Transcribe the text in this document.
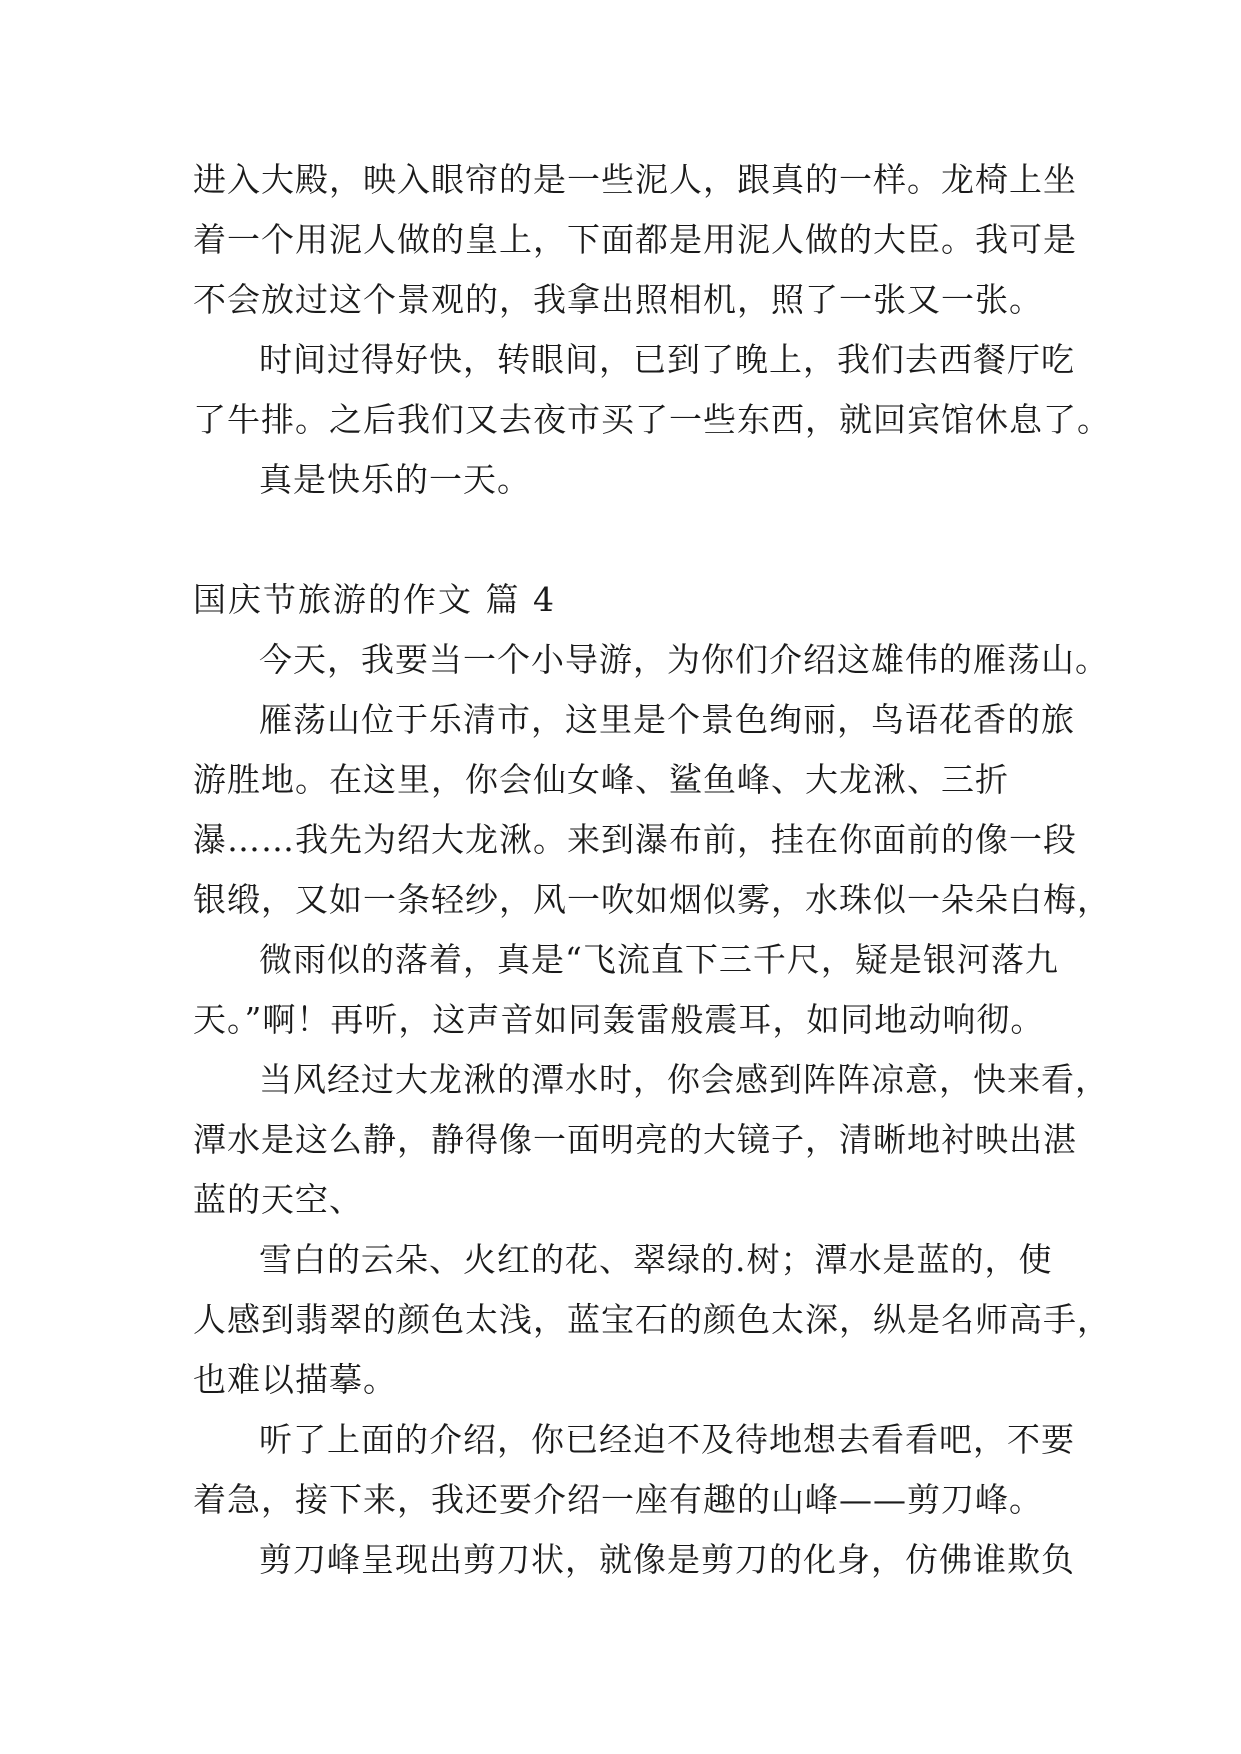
进入大殿，映入眼帘的是一些泥人，跟真的一样。龙椅上坐
着一个用泥人做的皇上，下面都是用泥人做的大臣。我可是
不会放过这个景观的，我拿出照相机，照了一张又一张。
时间过得好快，转眼间，已到了晚上，我们去西餐厅吃
了牛排。之后我们又去夜市买了一些东西，就回宾馆休息了。
真是快乐的一天。
国庆节旅游的作文 篇 4
今天，我要当一个小导游，为你们介绍这雄伟的雁荡山。
雁荡山位于乐清市，这里是个景色绚丽，鸟语花香的旅
游胜地。在这里，你会仙女峰、鲨鱼峰、大龙湫、三折
瀑……我先为绍大龙湫。来到瀑布前，挂在你面前的像一段
银缎，又如一条轻纱，风一吹如烟似雾，水珠似一朵朵白梅，
微雨似的落着，真是“飞流直下三千尺，疑是银河落九
天。”啊！再听，这声音如同轰雷般震耳，如同地动响彻。
当风经过大龙湫的潭水时，你会感到阵阵凉意，快来看，
潭水是这么静，静得像一面明亮的大镜子，清晰地衬映出湛
蓝的天空、
雪白的云朵、火红的花、翠绿的.树；潭水是蓝的，使
人感到翡翠的颜色太浅，蓝宝石的颜色太深，纵是名师高手，
也难以描摹。
听了上面的介绍，你已经迫不及待地想去看看吧，不要
着急，接下来，我还要介绍一座有趣的山峰——剪刀峰。
剪刀峰呈现出剪刀状，就像是剪刀的化身，仿佛谁欺负
